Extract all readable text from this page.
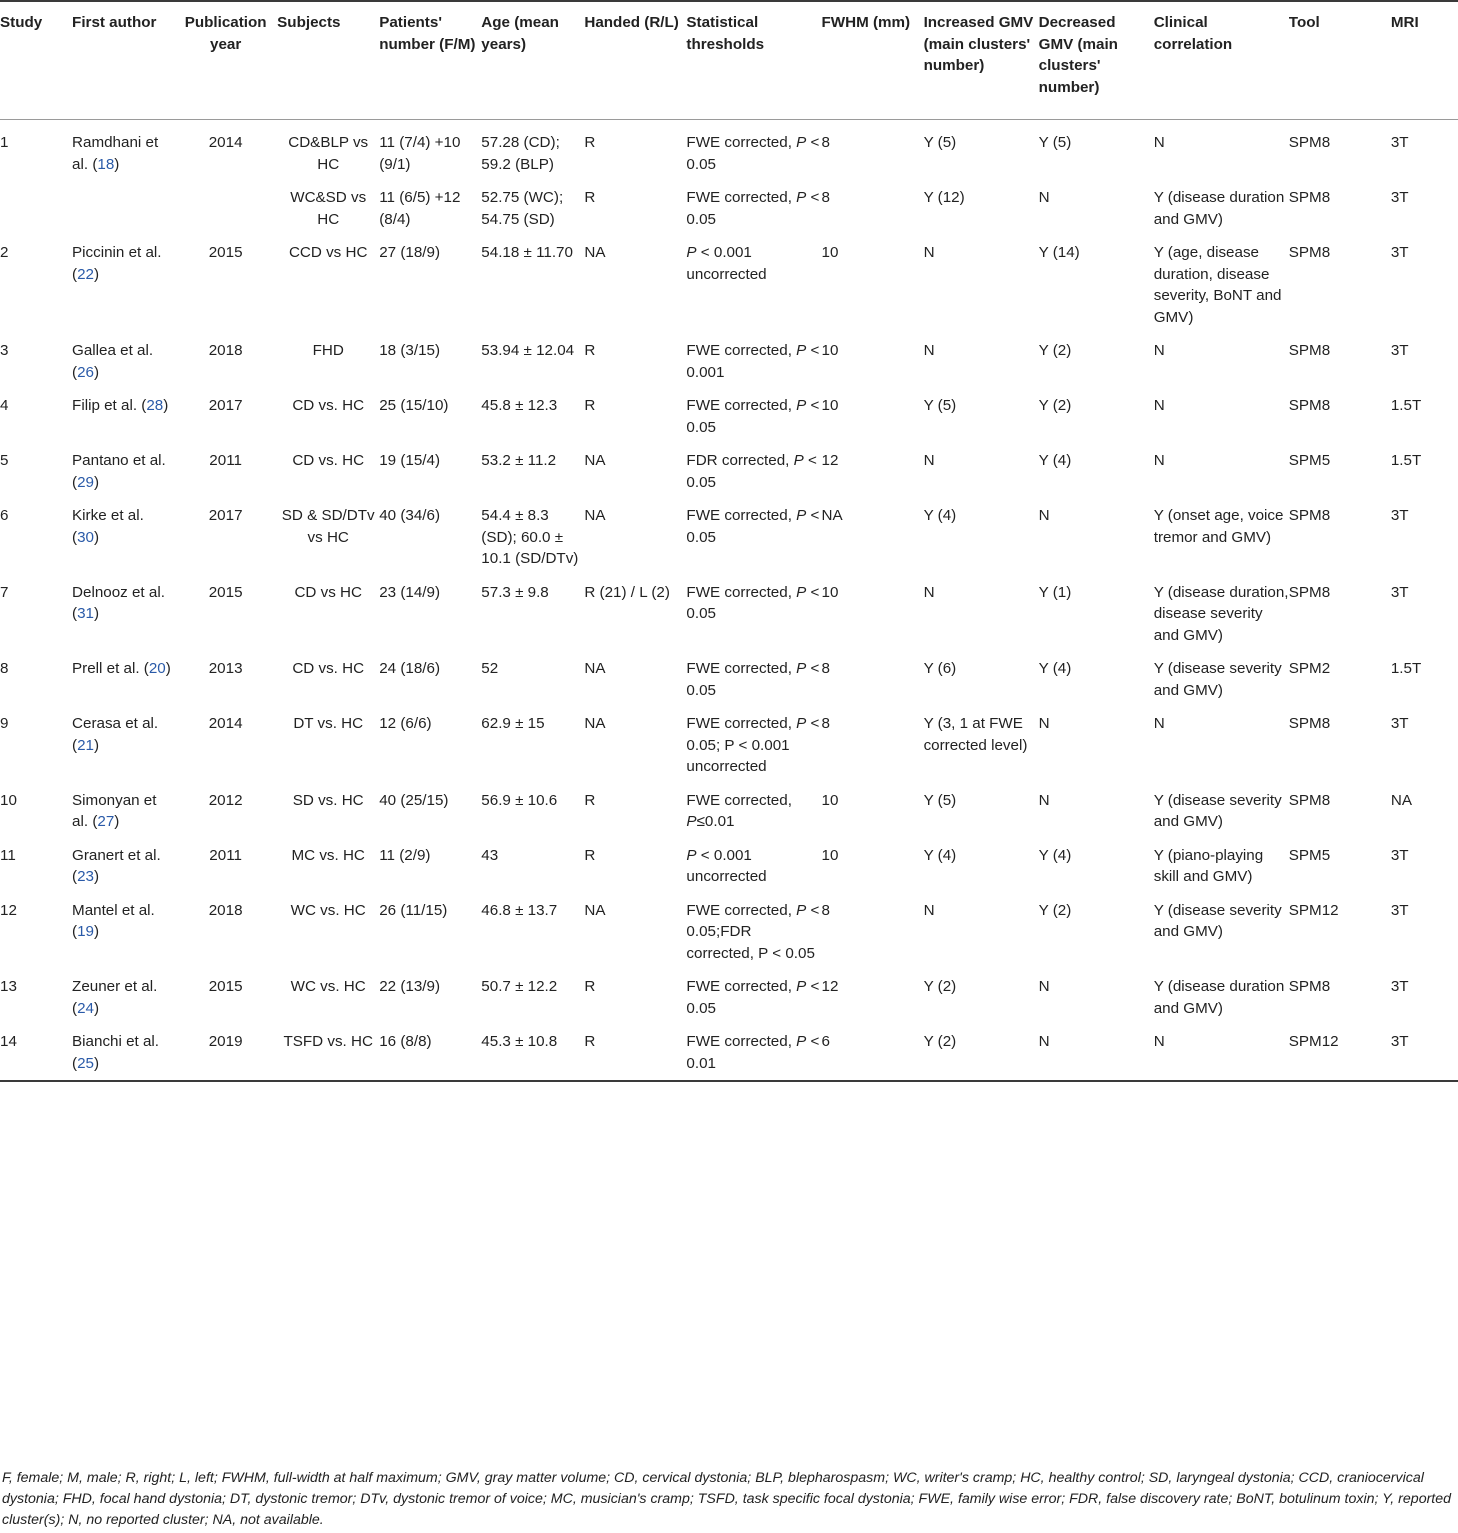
Study	First author	Publication year	Subjects	Patients' number (F/M)	Age (mean years)	Handed (R/L)	Statistical thresholds	FWHM (mm)	Increased GMV (main clusters' number)	Decreased GMV (main clusters' number)	Clinical correlation	Tool	MRI
1	Ramdhani et al. (18)	2014	CD&BLP vs HC	11 (7/4) +10 (9/1)	57.28 (CD); 59.2 (BLP)	R	FWE corrected, P < 0.05	8	Y (5)	Y (5)	N	SPM8	3T
			WC&SD vs HC	11 (6/5) +12 (8/4)	52.75 (WC); 54.75 (SD)	R	FWE corrected, P < 0.05	8	Y (12)	N	Y (disease duration and GMV)	SPM8	3T
2	Piccinin et al. (22)	2015	CCD vs HC	27 (18/9)	54.18 ± 11.70	NA	P < 0.001 uncorrected	10	N	Y (14)	Y (age, disease duration, disease severity, BoNT and GMV)	SPM8	3T
3	Gallea et al. (26)	2018	FHD	18 (3/15)	53.94 ± 12.04	R	FWE corrected, P < 0.001	10	N	Y (2)	N	SPM8	3T
4	Filip et al. (28)	2017	CD vs. HC	25 (15/10)	45.8 ± 12.3	R	FWE corrected, P < 0.05	10	Y (5)	Y (2)	N	SPM8	1.5T
5	Pantano et al. (29)	2011	CD vs. HC	19 (15/4)	53.2 ± 11.2	NA	FDR corrected, P < 0.05	12	N	Y (4)	N	SPM5	1.5T
6	Kirke et al. (30)	2017	SD & SD/DTv vs HC	40 (34/6)	54.4 ± 8.3 (SD); 60.0 ± 10.1 (SD/DTv)	NA	FWE corrected, P < 0.05	NA	Y (4)	N	Y (onset age, voice tremor and GMV)	SPM8	3T
7	Delnooz et al. (31)	2015	CD vs HC	23 (14/9)	57.3 ± 9.8	R (21) / L (2)	FWE corrected, P < 0.05	10	N	Y (1)	Y (disease duration, disease severity and GMV)	SPM8	3T
8	Prell et al. (20)	2013	CD vs. HC	24 (18/6)	52	NA	FWE corrected, P < 0.05	8	Y (6)	Y (4)	Y (disease severity and GMV)	SPM2	1.5T
9	Cerasa et al. (21)	2014	DT vs. HC	12 (6/6)	62.9 ± 15	NA	FWE corrected, P < 0.05; P < 0.001 uncorrected	8	Y (3, 1 at FWE corrected level)	N	N	SPM8	3T
10	Simonyan et al. (27)	2012	SD vs. HC	40 (25/15)	56.9 ± 10.6	R	FWE corrected, P≤0.01	10	Y (5)	N	Y (disease severity and GMV)	SPM8	NA
11	Granert et al. (23)	2011	MC vs. HC	11 (2/9)	43	R	P < 0.001 uncorrected	10	Y (4)	Y (4)	Y (piano-playing skill and GMV)	SPM5	3T
12	Mantel et al. (19)	2018	WC vs. HC	26 (11/15)	46.8 ± 13.7	NA	FWE corrected, P < 0.05;FDR corrected, P < 0.05	8	N	Y (2)	Y (disease severity and GMV)	SPM12	3T
13	Zeuner et al. (24)	2015	WC vs. HC	22 (13/9)	50.7 ± 12.2	R	FWE corrected, P < 0.05	12	Y (2)	N	Y (disease duration and GMV)	SPM8	3T
14	Bianchi et al. (25)	2019	TSFD vs. HC	16 (8/8)	45.3 ± 10.8	R	FWE corrected, P < 0.01	6	Y (2)	N	N	SPM12	3T
F, female; M, male; R, right; L, left; FWHM, full-width at half maximum; GMV, gray matter volume; CD, cervical dystonia; BLP, blepharospasm; WC, writer's cramp; HC, healthy control; SD, laryngeal dystonia; CCD, craniocervical dystonia; FHD, focal hand dystonia; DT, dystonic tremor; DTv, dystonic tremor of voice; MC, musician's cramp; TSFD, task specific focal dystonia; FWE, family wise error; FDR, false discovery rate; BoNT, botulinum toxin; Y, reported cluster(s); N, no reported cluster; NA, not available.
